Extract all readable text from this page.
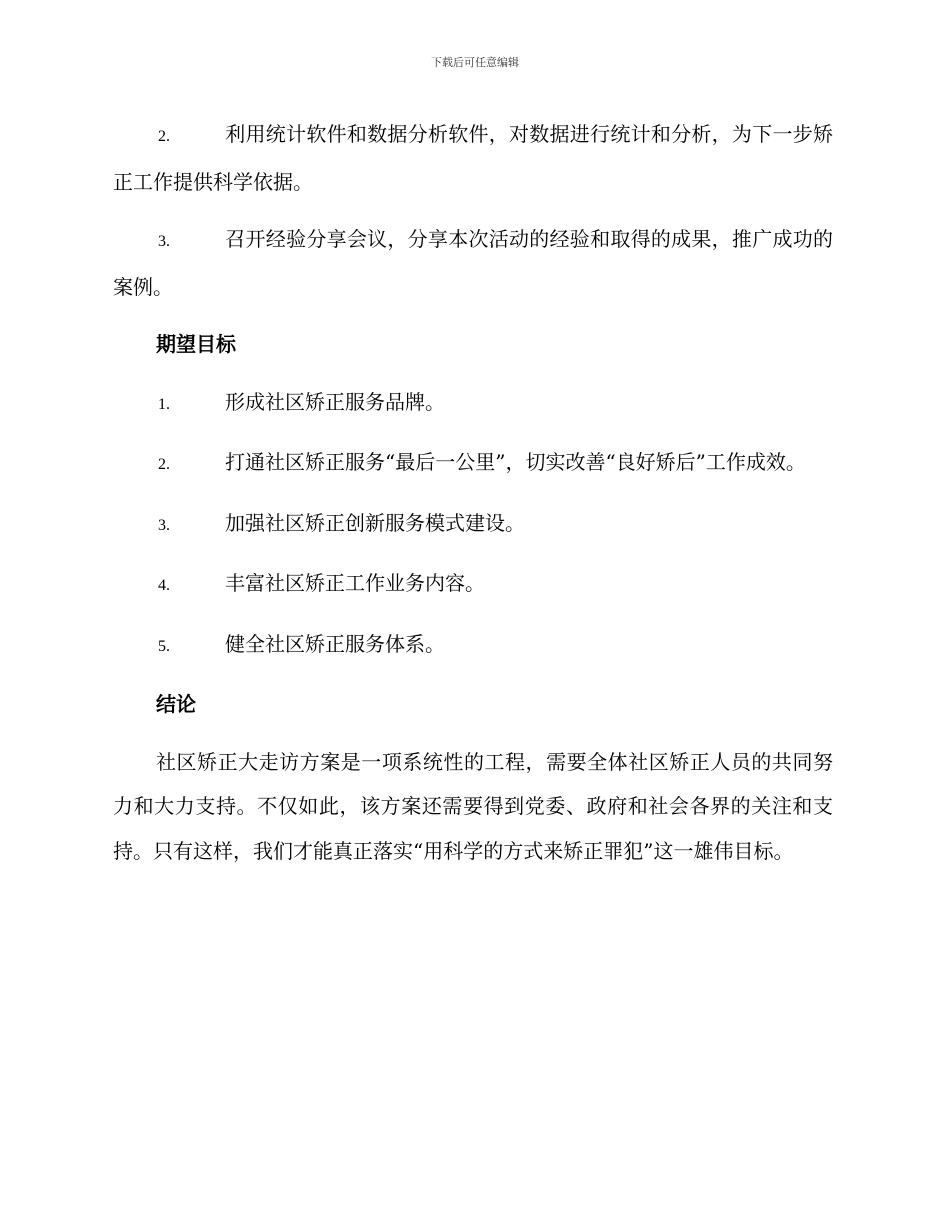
下载后可任意编辑
2.	利用统计软件和数据分析软件，对数据进行统计和分析，为下一步矫正工作提供科学依据。
3.	召开经验分享会议，分享本次活动的经验和取得的成果，推广成功的案例。
期望目标
1.	形成社区矫正服务品牌。
2.	打通社区矫正服务“最后一公里”，切实改善“良好矫后”工作成效。
3.	加强社区矫正创新服务模式建设。
4.	丰富社区矫正工作业务内容。
5.	健全社区矫正服务体系。
结论
社区矫正大走访方案是一项系统性的工程，需要全体社区矫正人员的共同努力和大力支持。不仅如此，该方案还需要得到党委、政府和社会各界的关注和支持。只有这样，我们才能真正落实“用科学的方式来矫正罪犯”这一雄伟目标。
